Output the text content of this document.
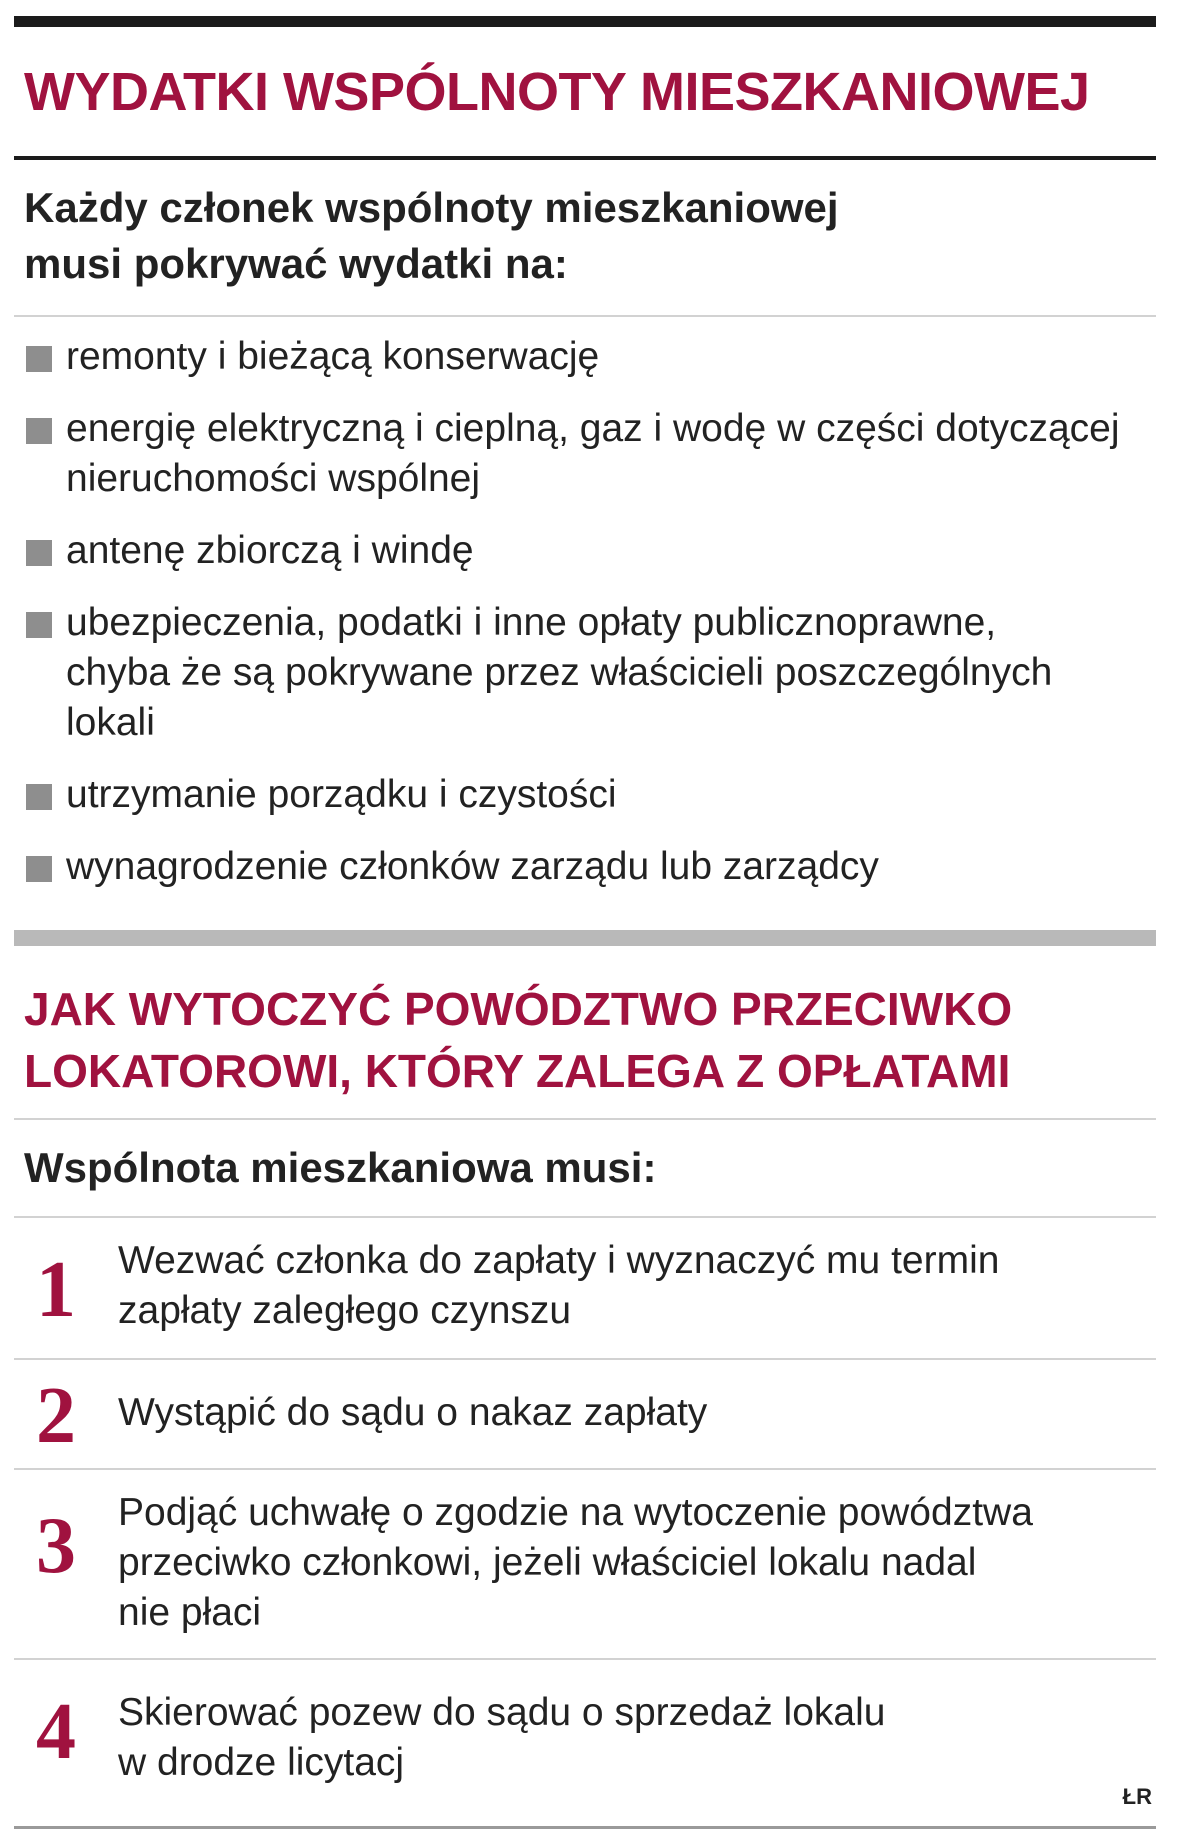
WYDATKI WSPÓLNOTY MIESZKANIOWEJ
Każdy członek wspólnoty mieszkaniowej
musi pokrywać wydatki na:
remonty i bieżącą konserwację
energię elektryczną i cieplną, gaz i wodę w części dotyczącej
nieruchomości wspólnej
antenę zbiorczą i windę
ubezpieczenia, podatki i inne opłaty publicznoprawne,
chyba że są pokrywane przez właścicieli poszczególnych
lokali
utrzymanie porządku i czystości
wynagrodzenie członków zarządu lub zarządcy
JAK WYTOCZYĆ POWÓDZTWO PRZECIWKO
LOKATOROWI, KTÓRY ZALEGA Z OPŁATAMI
Wspólnota mieszkaniowa musi:
1 Wezwać członka do zapłaty i wyznaczyć mu termin
zapłaty zaległego czynszu
2 Wystąpić do sądu o nakaz zapłaty
3 Podjąć uchwałę o zgodzie na wytoczenie powództwa
przeciwko członkowi, jeżeli właściciel lokalu nadal
nie płaci
4 Skierować pozew do sądu o sprzedaż lokalu
w drodze licytacj
ŁR
